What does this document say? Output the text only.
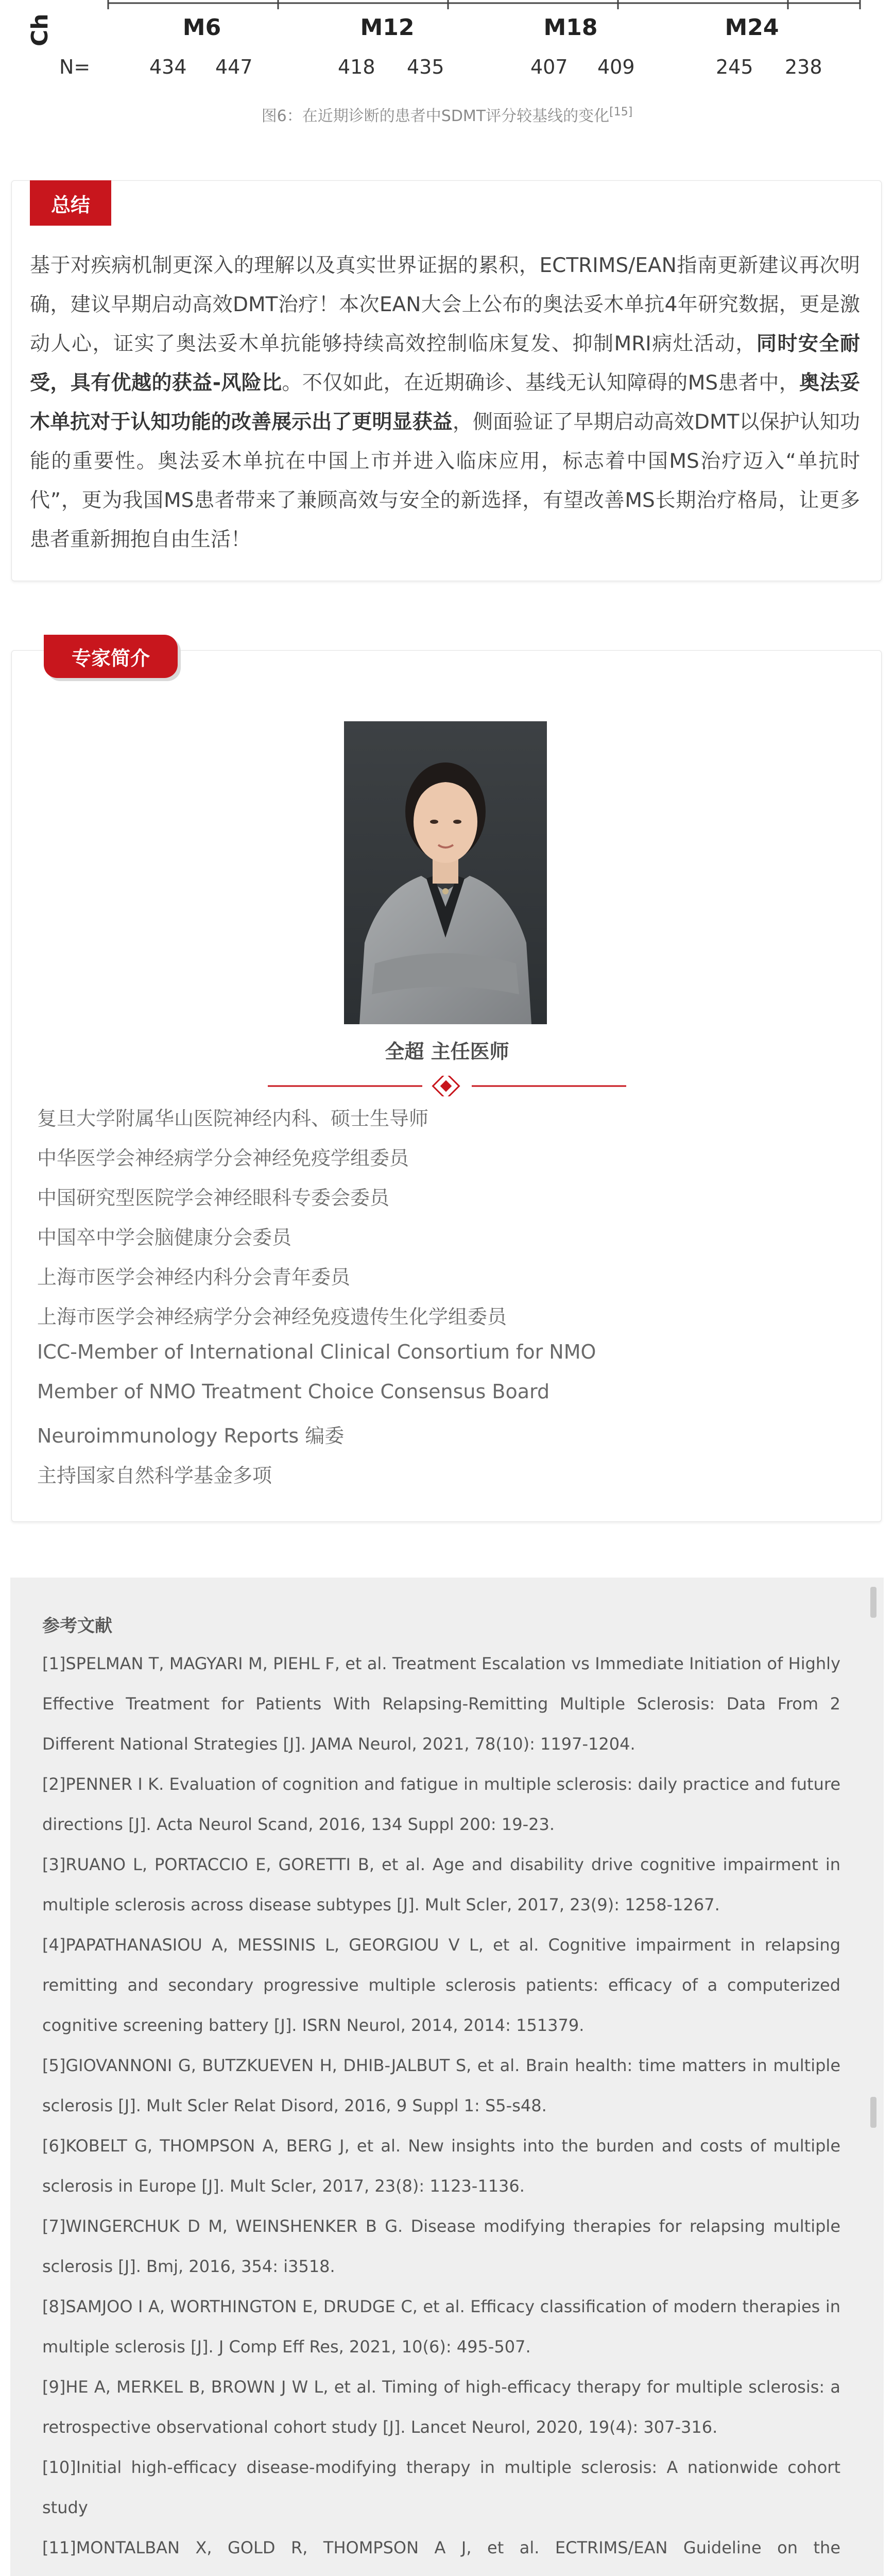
Ch	M6	M12	M18	M24
N=	434 447	418 435	407 409	245 238
图6：在近期诊断的患者中SDMT评分较基线的变化[15]
总结
基于对疾病机制更深入的理解以及真实世界证据的累积，ECTRIMS/EAN指南更新建议再次明确，建议早期启动高效DMT治疗！本次EAN大会上公布的奥法妥木单抗4年研究数据，更是激动人心，证实了奥法妥木单抗能够持续高效控制临床复发、抑制MRI病灶活动，同时安全耐受，具有优越的获益-风险比。不仅如此，在近期确诊、基线无认知障碍的MS患者中，奥法妥木单抗对于认知功能的改善展示出了更明显获益，侧面验证了早期启动高效DMT以保护认知功能的重要性。奥法妥木单抗在中国上市并进入临床应用，标志着中国MS治疗迈入“单抗时代”，更为我国MS患者带来了兼顾高效与安全的新选择，有望改善MS长期治疗格局，让更多患者重新拥抱自由生活！
专家简介
全超 主任医师
复旦大学附属华山医院神经内科、硕士生导师
中华医学会神经病学分会神经免疫学组委员
中国研究型医院学会神经眼科专委会委员
中国卒中学会脑健康分会委员
上海市医学会神经内科分会青年委员
上海市医学会神经病学分会神经免疫遗传生化学组委员
ICC-Member of International Clinical Consortium for NMO
Member of NMO Treatment Choice Consensus Board
Neuroimmunology Reports 编委
主持国家自然科学基金多项
参考文献
[1]SPELMAN T, MAGYARI M, PIEHL F, et al. Treatment Escalation vs Immediate Initiation of Highly Effective Treatment for Patients With Relapsing-Remitting Multiple Sclerosis: Data From 2 Different National Strategies [J]. JAMA Neurol, 2021, 78(10): 1197-1204.
[2]PENNER I K. Evaluation of cognition and fatigue in multiple sclerosis: daily practice and future directions [J]. Acta Neurol Scand, 2016, 134 Suppl 200: 19-23.
[3]RUANO L, PORTACCIO E, GORETTI B, et al. Age and disability drive cognitive impairment in multiple sclerosis across disease subtypes [J]. Mult Scler, 2017, 23(9): 1258-1267.
[4]PAPATHANASIOU A, MESSINIS L, GEORGIOU V L, et al. Cognitive impairment in relapsing remitting and secondary progressive multiple sclerosis patients: efficacy of a computerized cognitive screening battery [J]. ISRN Neurol, 2014, 2014: 151379.
[5]GIOVANNONI G, BUTZKUEVEN H, DHIB-JALBUT S, et al. Brain health: time matters in multiple sclerosis [J]. Mult Scler Relat Disord, 2016, 9 Suppl 1: S5-s48.
[6]KOBELT G, THOMPSON A, BERG J, et al. New insights into the burden and costs of multiple sclerosis in Europe [J]. Mult Scler, 2017, 23(8): 1123-1136.
[7]WINGERCHUK D M, WEINSHENKER B G. Disease modifying therapies for relapsing multiple sclerosis [J]. Bmj, 2016, 354: i3518.
[8]SAMJOO I A, WORTHINGTON E, DRUDGE C, et al. Efficacy classification of modern therapies in multiple sclerosis [J]. J Comp Eff Res, 2021, 10(6): 495-507.
[9]HE A, MERKEL B, BROWN J W L, et al. Timing of high-efficacy therapy for multiple sclerosis: a retrospective observational cohort study [J]. Lancet Neurol, 2020, 19(4): 307-316.
[10]Initial high-efficacy disease-modifying therapy in multiple sclerosis: A nationwide cohort study
[11]MONTALBAN X, GOLD R, THOMPSON A J, et al. ECTRIMS/EAN Guideline on the
